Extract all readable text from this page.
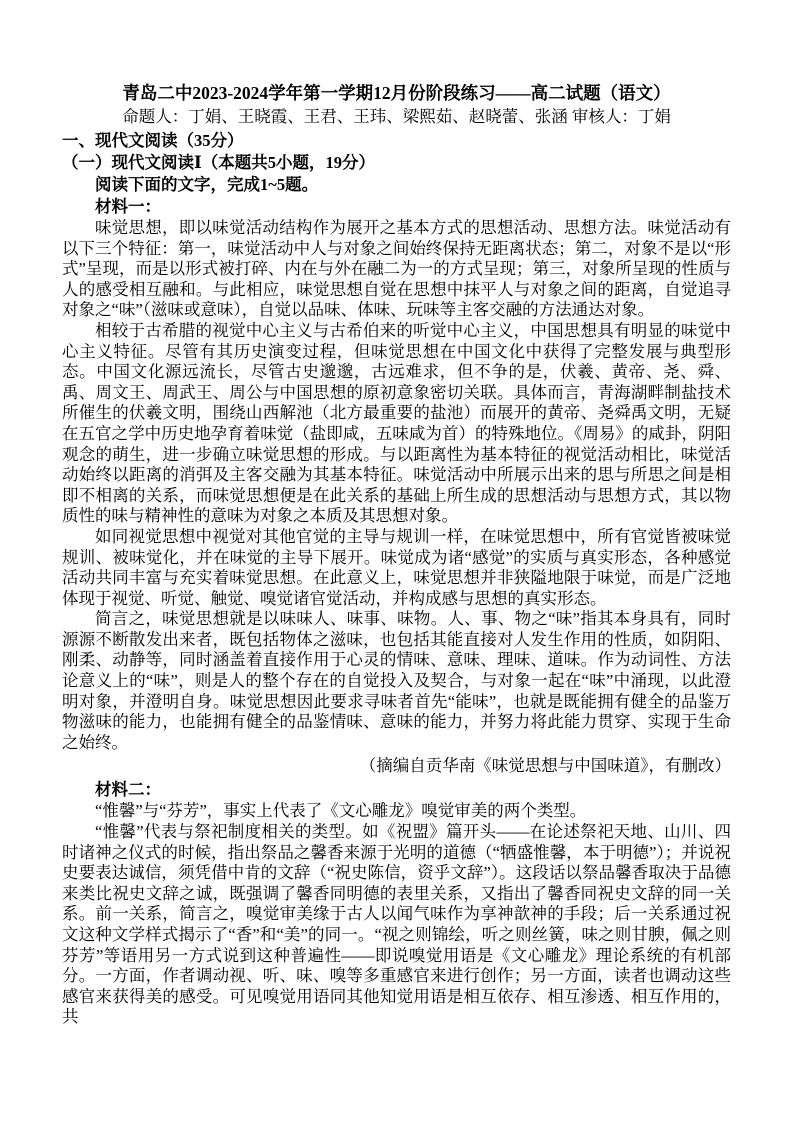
青岛二中2023-2024学年第一学期12月份阶段练习——高二试题（语文）
命题人：丁娟、王晓霞、王君、王玮、梁熙茹、赵晓蕾、张涵 审核人：丁娟
一、现代文阅读（35分）
（一）现代文阅读Ⅰ（本题共5小题，19分）
阅读下面的文字，完成1~5题。
材料一：

味觉思想，即以味觉活动结构作为展开之基本方式的思想活动、思想方法。味觉活动有以下三个特征：第一，味觉活动中人与对象之间始终保持无距离状态；第二，对象不是以“形式”呈现，而是以形式被打碎、内在与外在融二为一的方式呈现；第三，对象所呈现的性质与人的感受相互融和。与此相应，味觉思想自觉在思想中抹平人与对象之间的距离，自觉追寻对象之“味”（滋味或意味），自觉以品味、体味、玩味等主客交融的方法通达对象。

相较于古希腊的视觉中心主义与古希伯来的听觉中心主义，中国思想具有明显的味觉中心主义特征。尽管有其历史演变过程，但味觉思想在中国文化中获得了完整发展与典型形态。中国文化源远流长，尽管古史邈邈，古远难求，但不争的是，伏羲、黄帝、尧、舜、禹、周文王、周武王、周公与中国思想的原初意象密切关联。具体而言，青海湖畔制盐技术所催生的伏羲文明，围绕山西解池（北方最重要的盐池）而展开的黄帝、尧舜禹文明，无疑在五官之学中历史地孕育着味觉（盐即咸，五味咸为首）的特殊地位。《周易》的咸卦，阴阳观念的萌生，进一步确立味觉思想的形成。与以距离性为基本特征的视觉活动相比，味觉活动始终以距离的消弭及主客交融为其基本特征。味觉活动中所展示出来的思与所思之间是相即不相离的关系，而味觉思想便是在此关系的基础上所生成的思想活动与思想方式，其以物质性的味与精神性的意味为对象之本质及其思想对象。

如同视觉思想中视觉对其他官觉的主导与规训一样，在味觉思想中，所有官觉皆被味觉规训、被味觉化，并在味觉的主导下展开。味觉成为诸“感觉”的实质与真实形态，各种感觉活动共同丰富与充实着味觉思想。在此意义上，味觉思想并非狭隘地限于味觉，而是广泛地体现于视觉、听觉、触觉、嗅觉诸官觉活动，并构成感与思想的真实形态。

简言之，味觉思想就是以味味人、味事、味物。人、事、物之“味”指其本身具有，同时源源不断散发出来者，既包括物体之滋味，也包括其能直接对人发生作用的性质，如阴阳、刚柔、动静等，同时涵盖着直接作用于心灵的情味、意味、理味、道味。作为动词性、方法论意义上的“味”，则是人的整个存在的自觉投入及契合，与对象一起在“味”中涌现，以此澄明对象，并澄明自身。味觉思想因此要求寻味者首先“能味”，也就是既能拥有健全的品鉴万物滋味的能力，也能拥有健全的品鉴情味、意味的能力，并努力将此能力贯穿、实现于生命之始终。

（摘编自贡华南《味觉思想与中国味道》，有删改）
材料二：

“惟馨”与“芬芳”，事实上代表了《文心雕龙》嗅觉审美的两个类型。

“惟馨”代表与祭祀制度相关的类型。如《祝盟》篇开头——在论述祭祀天地、山川、四时诸神之仪式的时候，指出祭品之馨香来源于光明的道德（“牺盛惟馨，本于明德”）；并说祝史要表达诚信，须凭借中肯的文辞（“祝史陈信，资乎文辞”）。这段话以祭品馨香取决于品德来类比祝史文辞之诚，既强调了馨香同明德的表里关系，又指出了馨香同祝史文辞的同一关系。前一关系，简言之，嗅觉审美缘于古人以闻气味作为享神歆神的手段；后一关系通过祝文这种文学样式揭示了“香”和“美”的同一。“视之则锦绘，听之则丝簧，味之则甘腴，佩之则芬芳”等语用另一方式说到这种普遍性——即说嗅觉用语是《文心雕龙》理论系统的有机部分。一方面，作者调动视、听、味、嗅等多重感官来进行创作；另一方面，读者也调动这些感官来获得美的感受。可见嗅觉用语同其他知觉用语是相互依存、相互渗透、相互作用的，共
